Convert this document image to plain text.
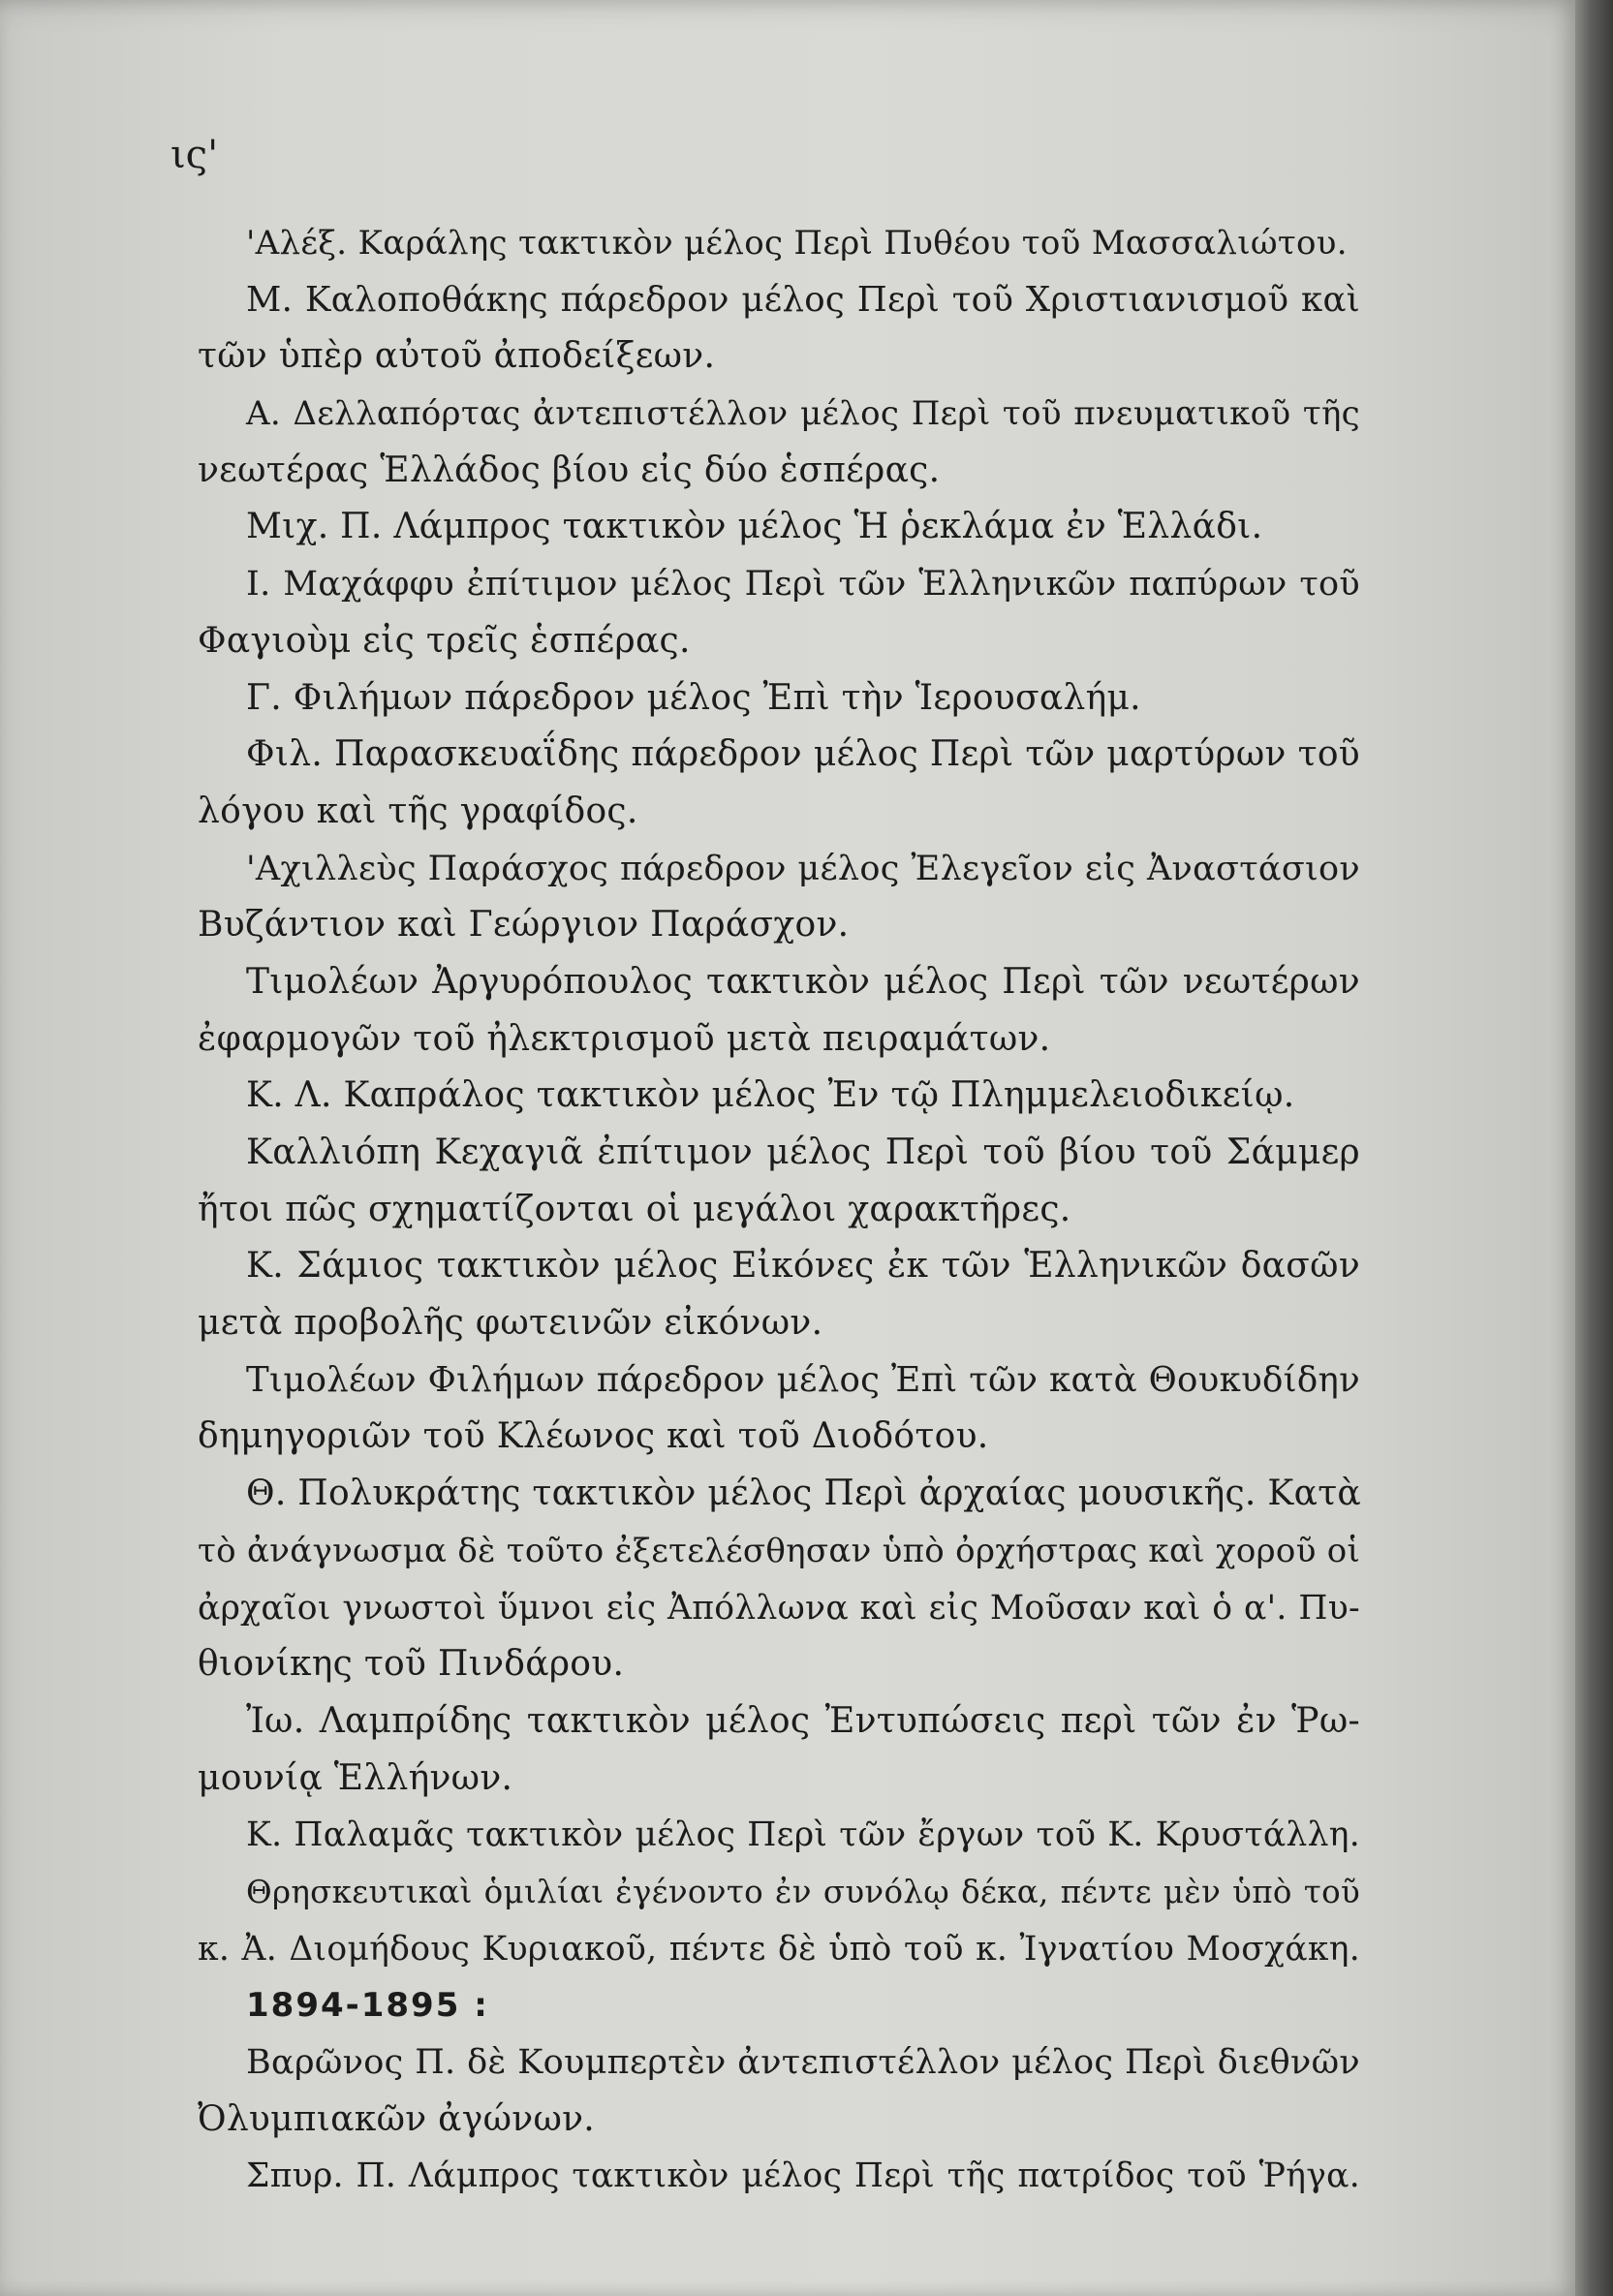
ις'
'Αλέξ. Καράλης τακτικὸν μέλος Περὶ Πυθέου τοῦ Μασσαλιώτου.
Μ. Καλοποθάκης πάρεδρον μέλος Περὶ τοῦ Χριστιανισμοῦ καὶ
τῶν ὑπὲρ αὐτοῦ ἀποδείξεων.
Α. Δελλαπόρτας ἀντεπιστέλλον μέλος Περὶ τοῦ πνευματικοῦ τῆς
νεωτέρας Ἑλλάδος βίου εἰς δύο ἑσπέρας.
Μιχ. Π. Λάμπρος τακτικὸν μέλος Ἡ ῥεκλάμα ἐν Ἑλλάδι.
Ι. Μαχάφφυ ἐπίτιμον μέλος Περὶ τῶν Ἑλληνικῶν παπύρων τοῦ
Φαγιοὺμ εἰς τρεῖς ἑσπέρας.
Γ. Φιλήμων πάρεδρον μέλος Ἐπὶ τὴν Ἱερουσαλήμ.
Φιλ. Παρασκευαΐδης πάρεδρον μέλος Περὶ τῶν μαρτύρων τοῦ
λόγου καὶ τῆς γραφίδος.
'Αχιλλεὺς Παράσχος πάρεδρον μέλος Ἐλεγεῖον εἰς Ἀναστάσιον
Βυζάντιον καὶ Γεώργιον Παράσχον.
Τιμολέων Ἀργυρόπουλος τακτικὸν μέλος Περὶ τῶν νεωτέρων
ἐφαρμογῶν τοῦ ἠλεκτρισμοῦ μετὰ πειραμάτων.
Κ. Λ. Καπράλος τακτικὸν μέλος Ἐν τῷ Πλημμελειοδικείῳ.
Καλλιόπη Κεχαγιᾶ ἐπίτιμον μέλος Περὶ τοῦ βίου τοῦ Σάμμερ
ἤτοι πῶς σχηματίζονται οἱ μεγάλοι χαρακτῆρες.
Κ. Σάμιος τακτικὸν μέλος Εἰκόνες ἐκ τῶν Ἑλληνικῶν δασῶν
μετὰ προβολῆς φωτεινῶν εἰκόνων.
Τιμολέων Φιλήμων πάρεδρον μέλος Ἐπὶ τῶν κατὰ Θουκυδίδην
δημηγοριῶν τοῦ Κλέωνος καὶ τοῦ Διοδότου.
Θ. Πολυκράτης τακτικὸν μέλος Περὶ ἀρχαίας μουσικῆς. Κατὰ
τὸ ἀνάγνωσμα δὲ τοῦτο ἐξετελέσθησαν ὑπὸ ὀρχήστρας καὶ χοροῦ οἱ
ἀρχαῖοι γνωστοὶ ὕμνοι εἰς Ἀπόλλωνα καὶ εἰς Μοῦσαν καὶ ὁ α'. Πυ-
θιονίκης τοῦ Πινδάρου.
Ἰω. Λαμπρίδης τακτικὸν μέλος Ἐντυπώσεις περὶ τῶν ἐν Ῥω-
μουνίᾳ Ἑλλήνων.
Κ. Παλαμᾶς τακτικὸν μέλος Περὶ τῶν ἔργων τοῦ Κ. Κρυστάλλη.
Θρησκευτικαὶ ὁμιλίαι ἐγένοντο ἐν συνόλῳ δέκα, πέντε μὲν ὑπὸ τοῦ
κ. Ἀ. Διομήδους Κυριακοῦ, πέντε δὲ ὑπὸ τοῦ κ. Ἰγνατίου Μοσχάκη.
1894-1895 :
Βαρῶνος Π. δὲ Κουμπερτὲν ἀντεπιστέλλον μέλος Περὶ διεθνῶν
Ὀλυμπιακῶν ἀγώνων.
Σπυρ. Π. Λάμπρος τακτικὸν μέλος Περὶ τῆς πατρίδος τοῦ Ῥήγα.
